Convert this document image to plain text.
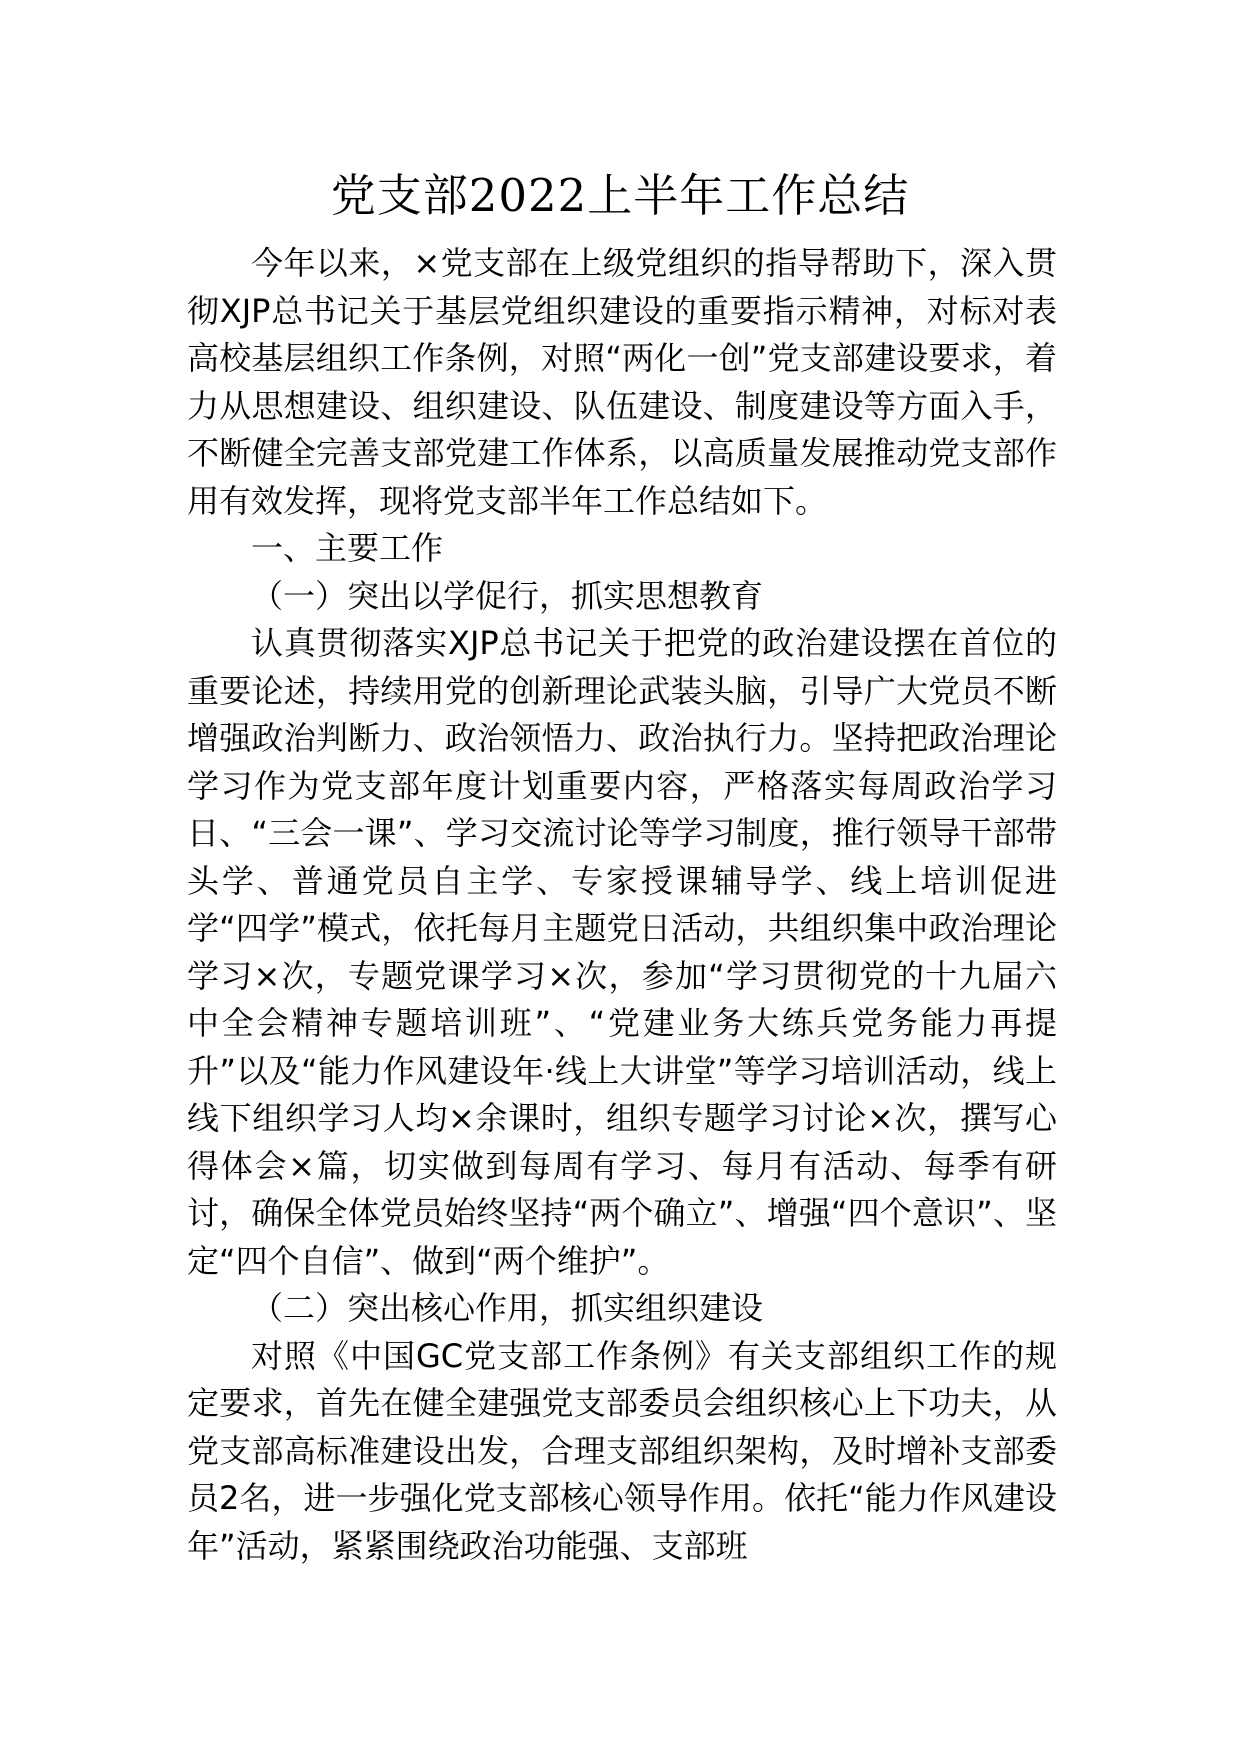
党支部2022上半年工作总结

今年以来，×党支部在上级党组织的指导帮助下，深入贯彻XJP总书记关于基层党组织建设的重要指示精神，对标对表高校基层组织工作条例，对照“两化一创”党支部建设要求，着力从思想建设、组织建设、队伍建设、制度建设等方面入手，不断健全完善支部党建工作体系，以高质量发展推动党支部作用有效发挥，现将党支部半年工作总结如下。

一、主要工作

（一）突出以学促行，抓实思想教育

认真贯彻落实XJP总书记关于把党的政治建设摆在首位的重要论述，持续用党的创新理论武装头脑，引导广大党员不断增强政治判断力、政治领悟力、政治执行力。坚持把政治理论学习作为党支部年度计划重要内容，严格落实每周政治学习日、“三会一课”、学习交流讨论等学习制度，推行领导干部带头学、普通党员自主学、专家授课辅导学、线上培训促进学“四学”模式，依托每月主题党日活动，共组织集中政治理论学习×次，专题党课学习×次，参加“学习贯彻党的十九届六中全会精神专题培训班”、“党建业务大练兵党务能力再提升”以及“能力作风建设年·线上大讲堂”等学习培训活动，线上线下组织学习人均×余课时，组织专题学习讨论×次，撰写心得体会×篇，切实做到每周有学习、每月有活动、每季有研讨，确保全体党员始终坚持“两个确立”、增强“四个意识”、坚定“四个自信”、做到“两个维护”。

（二）突出核心作用，抓实组织建设

对照《中国GC党支部工作条例》有关支部组织工作的规定要求，首先在健全建强党支部委员会组织核心上下功夫，从党支部高标准建设出发，合理支部组织架构，及时增补支部委员2名，进一步强化党支部核心领导作用。依托“能力作风建设年”活动，紧紧围绕政治功能强、支部班
